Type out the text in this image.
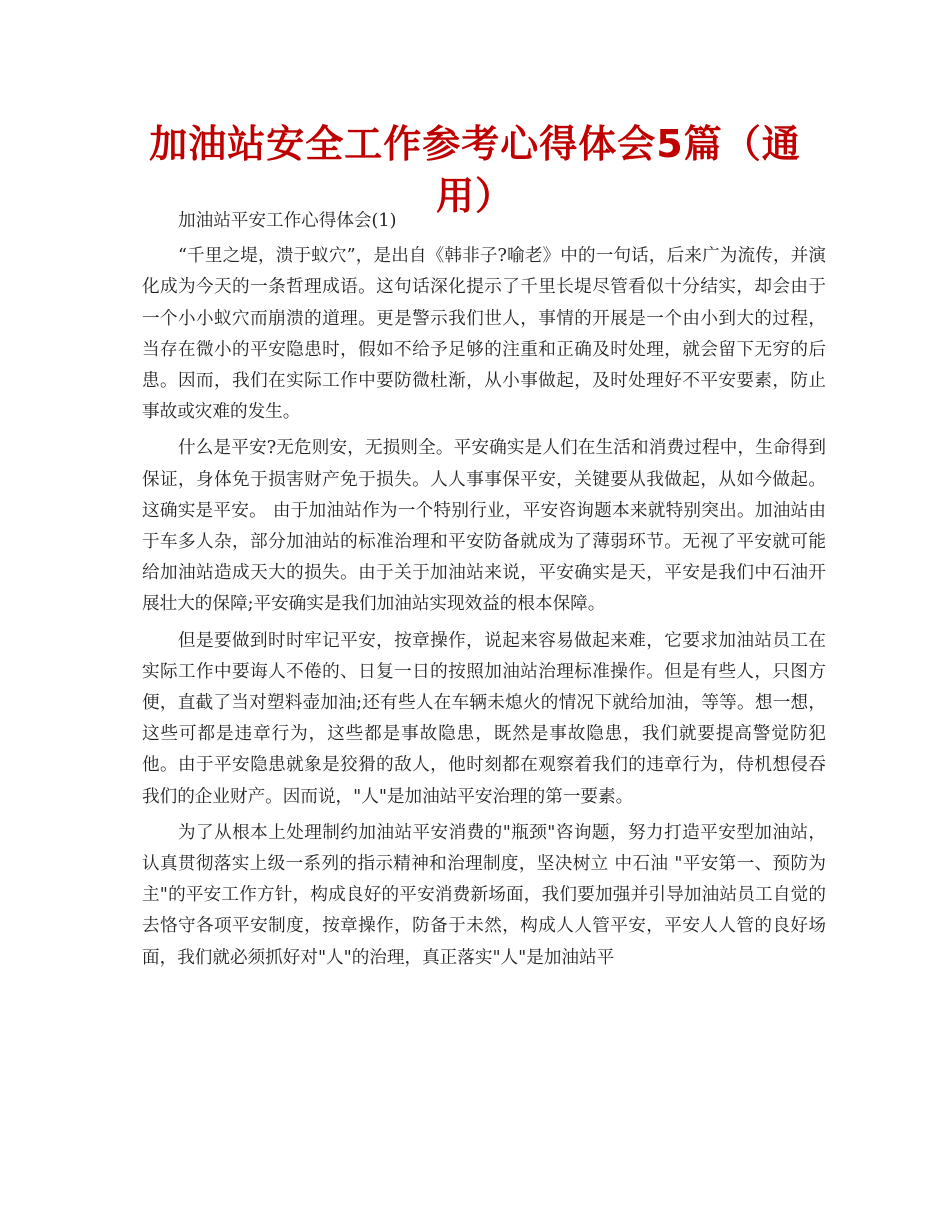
加油站安全工作参考心得体会5篇（通用）

加油站平安工作心得体会(1)

“千里之堤，溃于蚁穴”，是出自《韩非子?喻老》中的一句话，后来广为流传，并演化成为今天的一条哲理成语。这句话深化提示了千里长堤尽管看似十分结实，却会由于一个小小蚁穴而崩溃的道理。更是警示我们世人，事情的开展是一个由小到大的过程，当存在微小的平安隐患时，假如不给予足够的注重和正确及时处理，就会留下无穷的后患。因而，我们在实际工作中要防微杜渐，从小事做起，及时处理好不平安要素，防止事故或灾难的发生。

什么是平安?无危则安，无损则全。平安确实是人们在生活和消费过程中，生命得到保证，身体免于损害财产免于损失。人人事事保平安，关键要从我做起，从如今做起。这确实是平安。 由于加油站作为一个特别行业，平安咨询题本来就特别突出。加油站由于车多人杂，部分加油站的标准治理和平安防备就成为了薄弱环节。无视了平安就可能给加油站造成天大的损失。由于关于加油站来说，平安确实是天，平安是我们中石油开展壮大的保障;平安确实是我们加油站实现效益的根本保障。

但是要做到时时牢记平安，按章操作，说起来容易做起来难，它要求加油站员工在实际工作中要诲人不倦的、日复一日的按照加油站治理标准操作。但是有些人，只图方便，直截了当对塑料壶加油;还有些人在车辆未熄火的情况下就给加油，等等。想一想，这些可都是违章行为，这些都是事故隐患，既然是事故隐患，我们就要提高警觉防犯他。由于平安隐患就象是狡猾的敌人，他时刻都在观察着我们的违章行为，侍机想侵吞我们的企业财产。因而说，"人"是加油站平安治理的第一要素。

为了从根本上处理制约加油站平安消费的"瓶颈"咨询题，努力打造平安型加油站，认真贯彻落实上级一系列的指示精神和治理制度，坚决树立 中石油 "平安第一、预防为主"的平安工作方针，构成良好的平安消费新场面，我们要加强并引导加油站员工自觉的去恪守各项平安制度，按章操作，防备于未然，构成人人管平安，平安人人管的良好场面，我们就必须抓好对"人"的治理，真正落实"人"是加油站平
